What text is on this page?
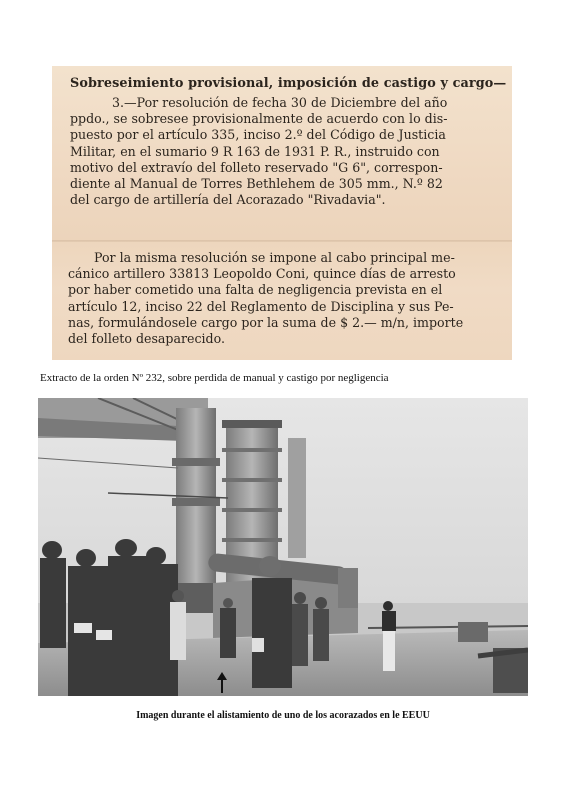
Sobreseimiento provisional, imposición de castigo y cargo—
3.—Por resolución de fecha 30 de Diciembre del año
ppdo., se sobresee provisionalmente de acuerdo con lo dis-
puesto por el artículo 335, inciso 2.º del Código de Justicia
Militar, en el sumario 9 R 163 de 1931 P. R., instruido con
motivo del extravío del folleto reservado "G 6", correspon-
diente al Manual de Torres Bethlehem de 305 mm., N.º 82
del cargo de artillería del Acorazado "Rivadavia".
Por la misma resolución se impone al cabo principal me-
cánico artillero 33813 Leopoldo Coni, quince días de arresto
por haber cometido una falta de negligencia prevista en el
artículo 12, inciso 22 del Reglamento de Disciplina y sus Pe-
nas, formulándosele cargo por la suma de $ 2.— m/n, importe
del folleto desaparecido.
Extracto de la orden Nº 232, sobre perdida de manual y castigo por negligencia
Imagen durante el alistamiento de uno de los acorazados en le EEUU
